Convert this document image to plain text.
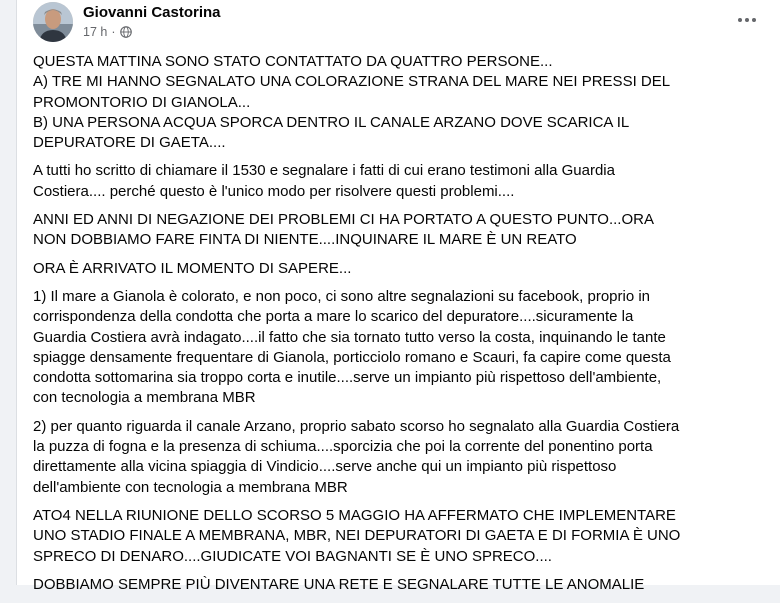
Giovanni Castorina
17 h ·

QUESTA MATTINA SONO STATO CONTATTATO DA QUATTRO PERSONE...
A) TRE MI HANNO SEGNALATO UNA COLORAZIONE STRANA DEL MARE NEI PRESSI DEL PROMONTORIO DI GIANOLA...
B) UNA PERSONA ACQUA SPORCA DENTRO IL CANALE ARZANO DOVE SCARICA IL DEPURATORE DI GAETA....

A tutti ho scritto di chiamare il 1530 e segnalare i fatti di cui erano testimoni alla Guardia Costiera.... perché questo è l'unico modo per risolvere questi problemi....

ANNI ED ANNI DI NEGAZIONE DEI PROBLEMI CI HA PORTATO A QUESTO PUNTO...ORA NON DOBBIAMO FARE FINTA DI NIENTE....INQUINARE IL MARE È UN REATO

ORA È ARRIVATO IL MOMENTO DI SAPERE...

1) Il mare a Gianola è colorato, e non poco, ci sono altre segnalazioni su facebook, proprio in corrispondenza della condotta che porta a mare lo scarico del depuratore....sicuramente la Guardia Costiera avrà indagato....il fatto che sia tornato tutto verso la costa, inquinando le tante spiagge densamente frequentare di Gianola, porticciolo romano e Scauri, fa capire come questa condotta sottomarina sia troppo corta e inutile....serve un impianto più rispettoso dell'ambiente, con tecnologia a membrana MBR

2) per quanto riguarda il canale Arzano, proprio sabato scorso ho segnalato alla Guardia Costiera la puzza di fogna e la presenza di schiuma....sporcizia che poi la corrente del ponentino porta direttamente alla vicina spiaggia di Vindicio....serve anche qui un impianto più rispettoso dell'ambiente con tecnologia a membrana MBR

ATO4 NELLA RIUNIONE DELLO SCORSO 5 MAGGIO HA AFFERMATO CHE IMPLEMENTARE UNO STADIO FINALE A MEMBRANA, MBR, NEI DEPURATORI DI GAETA E DI FORMIA È UNO SPRECO DI DENARO....GIUDICATE VOI BAGNANTI SE È UNO SPRECO....

DOBBIAMO SEMPRE PIÙ DIVENTARE UNA RETE E SEGNALARE TUTTE LE ANOMALIE
